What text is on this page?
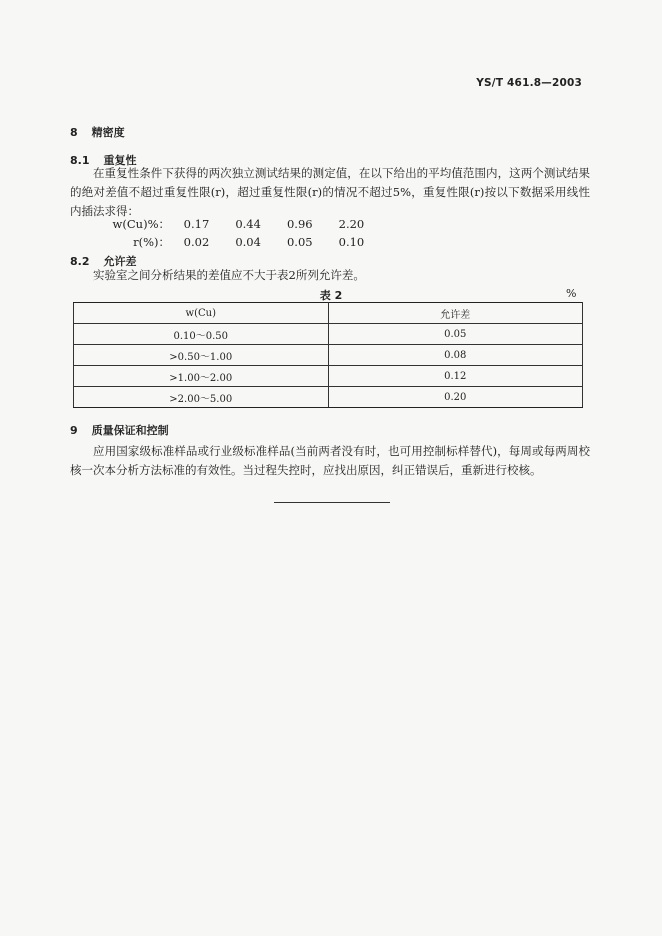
YS/T 461.8—2003
8 精密度
8.1 重复性
在重复性条件下获得的两次独立测试结果的测定值，在以下给出的平均值范围内，这两个测试结果的绝对差值不超过重复性限(r)，超过重复性限(r)的情况不超过5%，重复性限(r)按以下数据采用线性内插法求得：
w(Cu)%： 0.17 0.44 0.96 2.20
r(%)： 0.02 0.04 0.05 0.10
8.2 允许差
实验室之间分析结果的差值应不大于表2所列允许差。
表 2	%
w(Cu)	允许差
0.10～0.50	0.05
>0.50～1.00	0.08
>1.00～2.00	0.12
>2.00～5.00	0.20
9 质量保证和控制
应用国家级标准样品或行业级标准样品(当前两者没有时，也可用控制标样替代)，每周或每两周校核一次本分析方法标准的有效性。当过程失控时，应找出原因，纠正错误后，重新进行校核。
